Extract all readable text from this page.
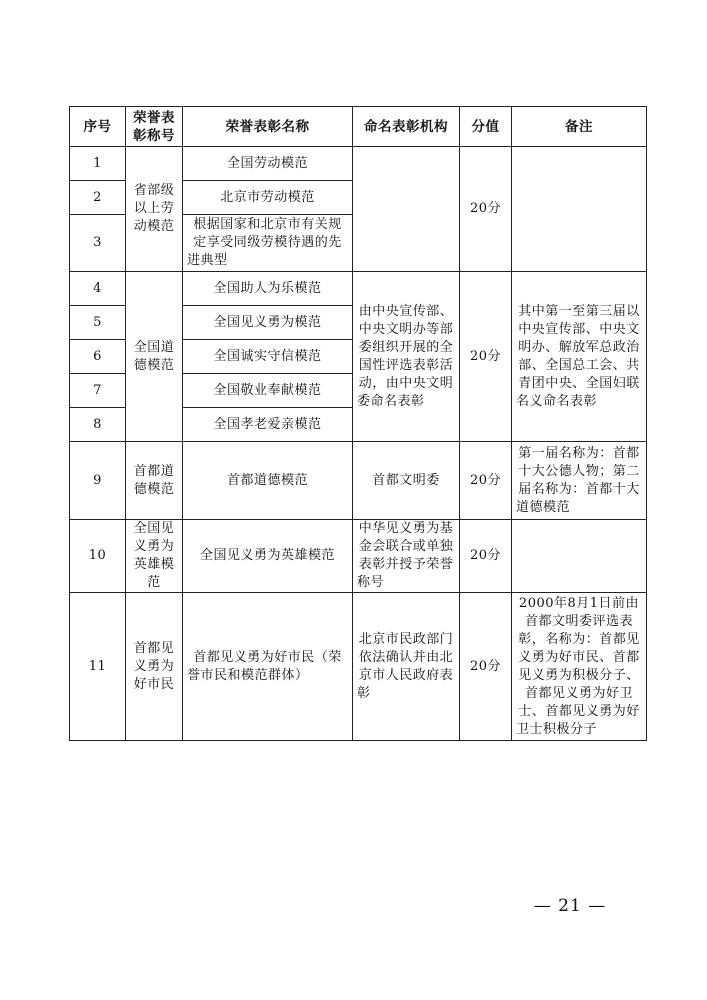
序号	荣誉表彰称号	荣誉表彰名称	命名表彰机构	分值	备注
1	省部级以上劳动模范	全国劳动模范		20分	
2		北京市劳动模范			
3		根据国家和北京市有关规定享受同级劳模待遇的先进典型			
4	全国道德模范	全国助人为乐模范	由中央宣传部、中央文明办等部委组织开展的全国性评选表彰活动，由中央文明委命名表彰	20分	其中第一至第三届以中央宣传部、中央文明办、解放军总政治部、全国总工会、共青团中央、全国妇联名义命名表彰
5		全国见义勇为模范			
6		全国诚实守信模范			
7		全国敬业奉献模范			
8		全国孝老爱亲模范			
9	首都道德模范	首都道德模范	首都文明委	20分	第一届名称为：首都十大公德人物；第二届名称为：首都十大道德模范
10	全国见义勇为英雄模范	全国见义勇为英雄模范	中华见义勇为基金会联合或单独表彰并授予荣誉称号	20分	
11	首都见义勇为好市民	首都见义勇为好市民（荣誉市民和模范群体）	北京市民政部门依法确认并由北京市人民政府表彰	20分	2000年8月1日前由首都文明委评选表彰，名称为：首都见义勇为好市民、首都见义勇为积极分子、首都见义勇为好卫士、首都见义勇为好卫士积极分子
— 21 —
